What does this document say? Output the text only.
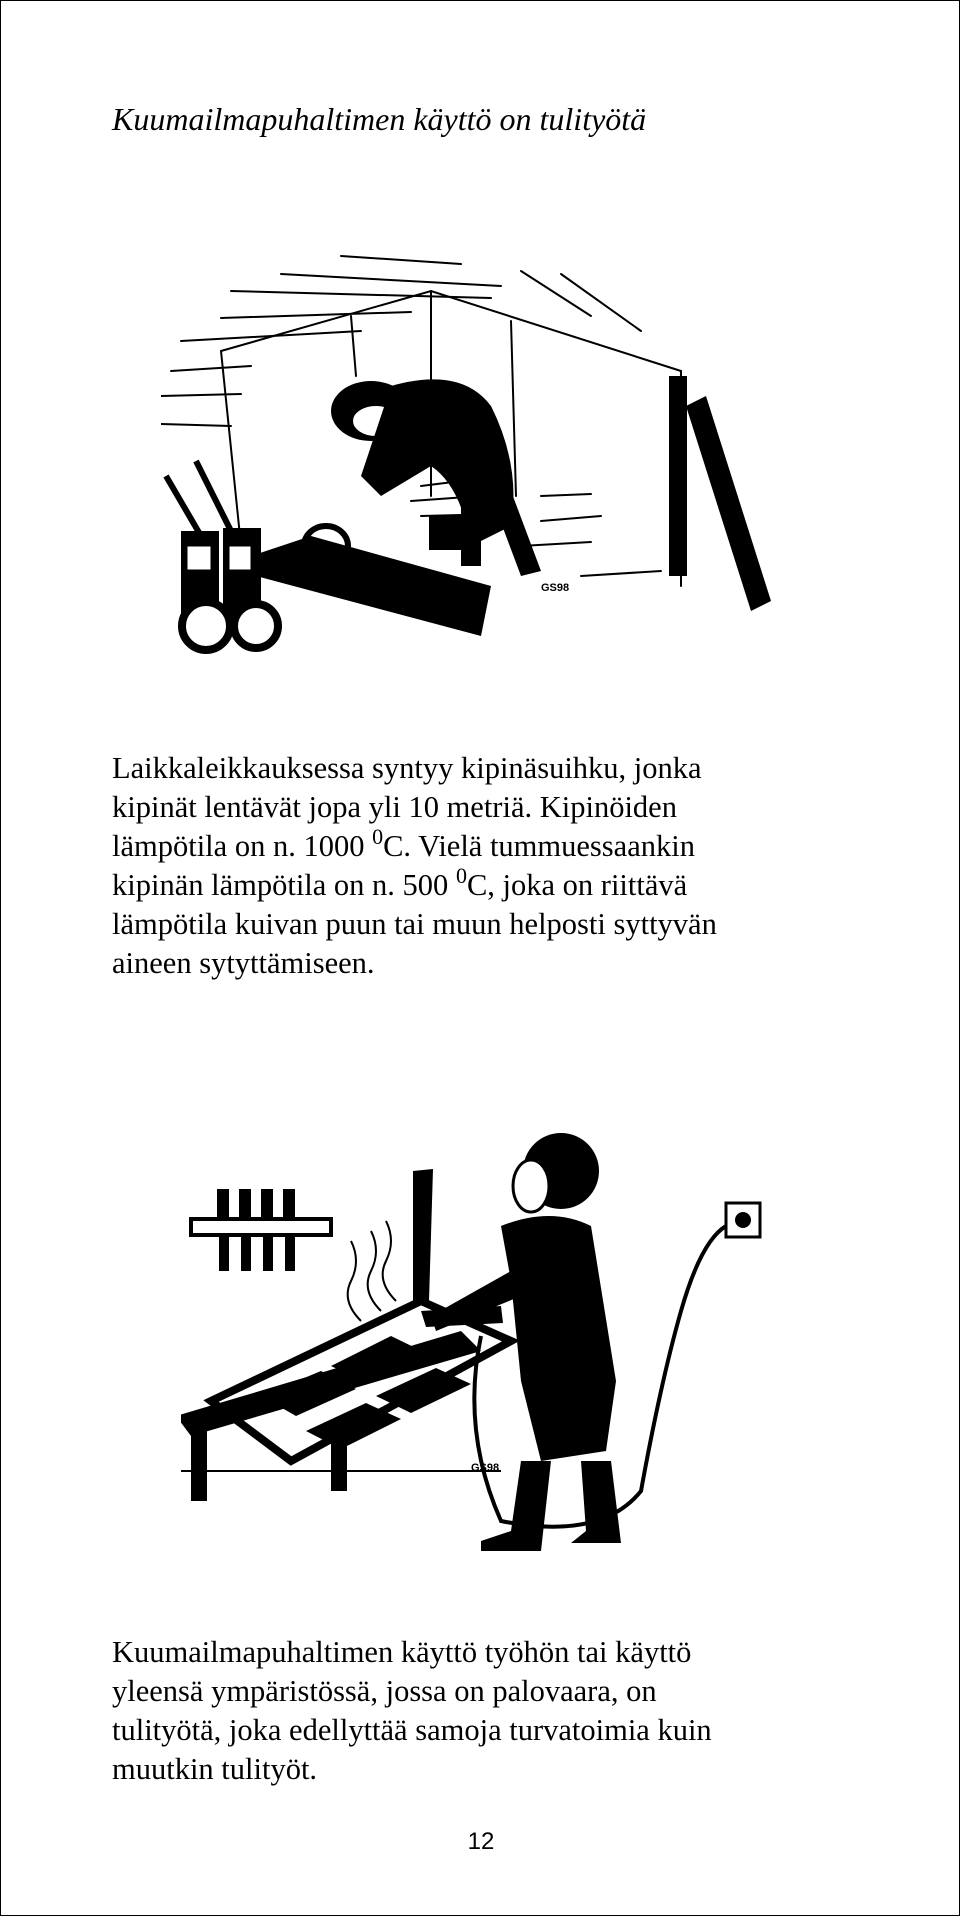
Kuumailmapuhaltimen käyttö on tulityötä
GS98

Laikkaleikkauksessa syntyy kipinäsuihku, jonka
kipinät lentävät jopa yli 10 metriä. Kipinöiden
lämpötila on n. 1000 $^0$C. Vielä tummuessaankin
kipinän lämpötila on n. 500 $^0$C, joka on riittävä
lämpötila kuivan puun tai muun helposti syttyvän
aineen sytyttämiseen.

GS98

Kuumailmapuhaltimen käyttö työhön tai käyttö
yleensä ympäristössä, jossa on palovaara, on
tulityötä, joka edellyttää samoja turvatoimia kuin
muutkin tulityöt.

12
